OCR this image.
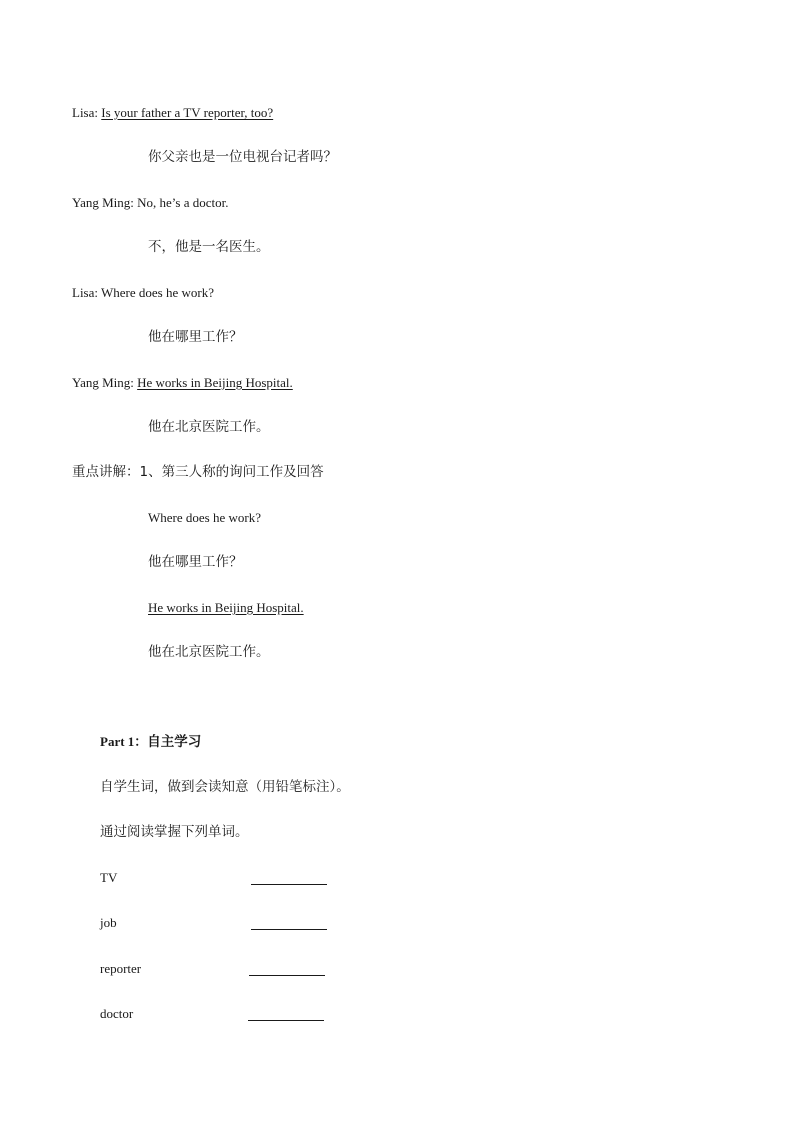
Lisa: Is your father a TV reporter, too?
你父亲也是一位电视台记者吗？
Yang Ming: No, he’s a doctor.
不，他是一名医生。
Lisa: Where does he work?
他在哪里工作？
Yang Ming: He works in Beijing Hospital.
他在北京医院工作。
重点讲解：1、第三人称的询问工作及回答
Where does he work?
他在哪里工作？
He works in Beijing Hospital.
他在北京医院工作。
Part 1：自主学习
自学生词，做到会读知意（用铅笔标注）。
通过阅读掌握下列单词。
TV
job
reporter
doctor
